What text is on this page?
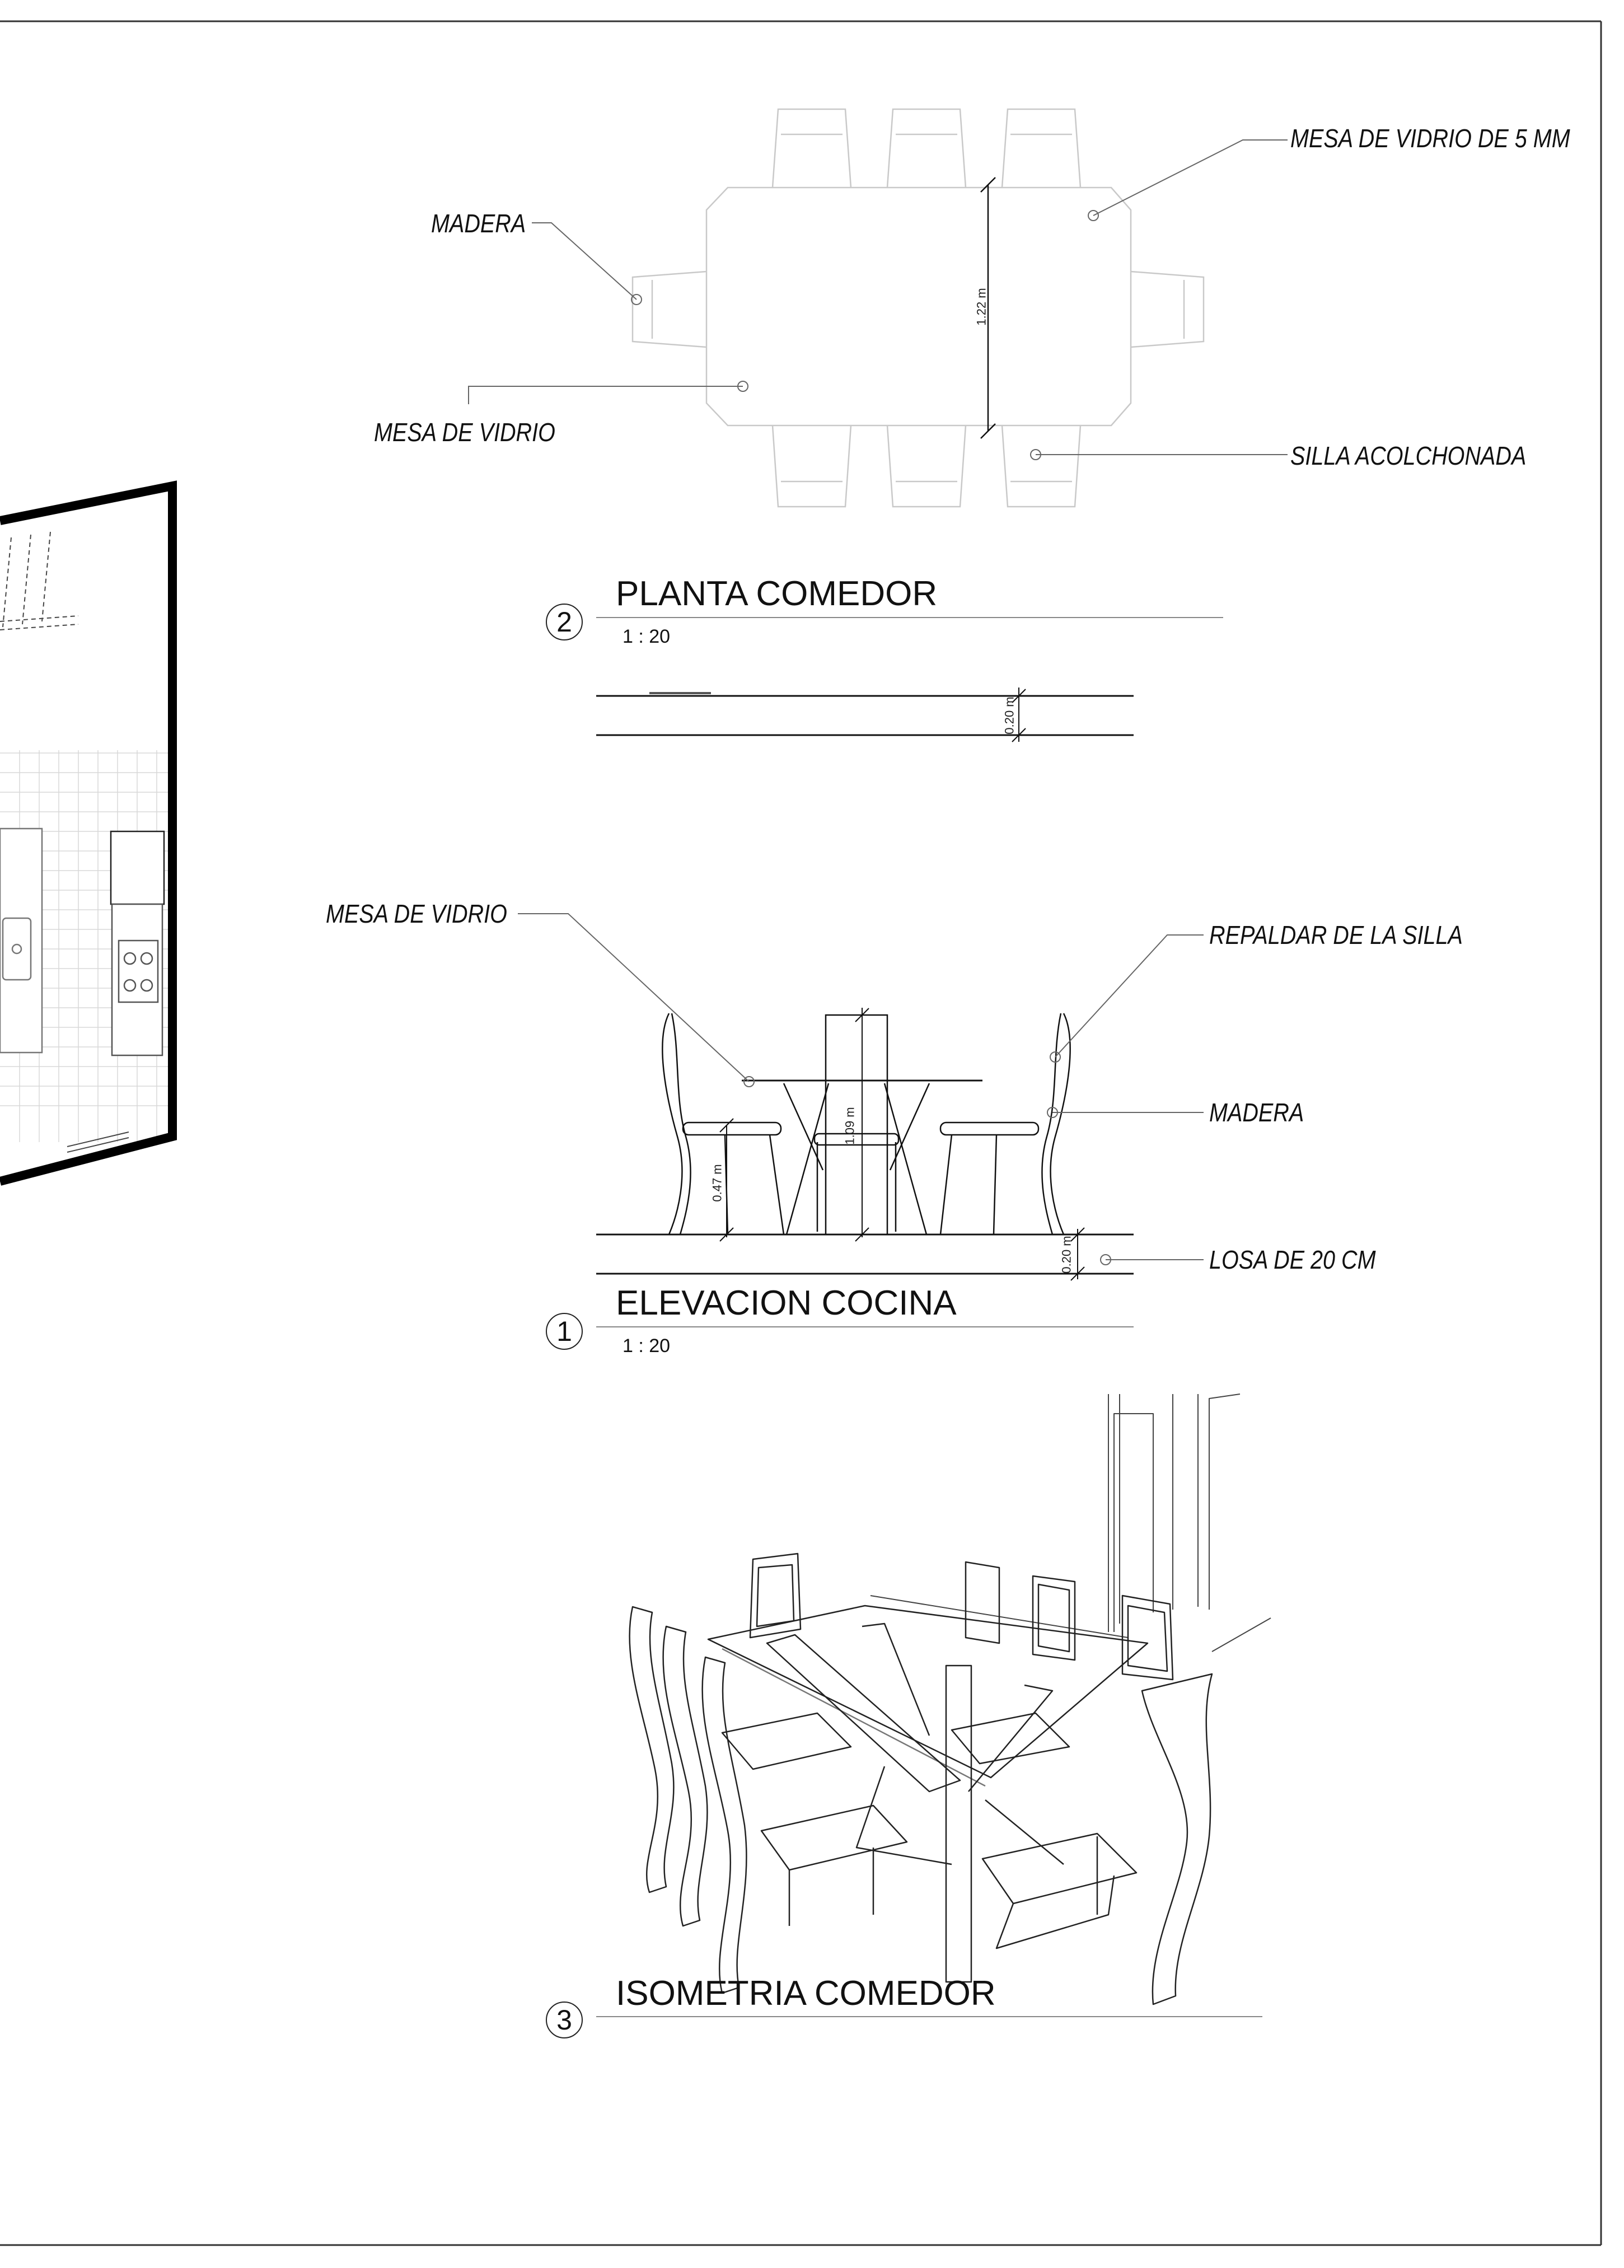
MESA DE VIDRIO DE 5 MM
MADERA
MESA DE VIDRIO
SILLA ACOLCHONADA
1.22 m
2
PLANTA COMEDOR
1 : 20
0.20 m
MESA DE VIDRIO
REPALDAR DE LA SILLA
MADERA
LOSA DE 20 CM
0.47 m
1.09 m
0.20 m
1
ELEVACION COCINA
1 : 20
3
ISOMETRIA COMEDOR
